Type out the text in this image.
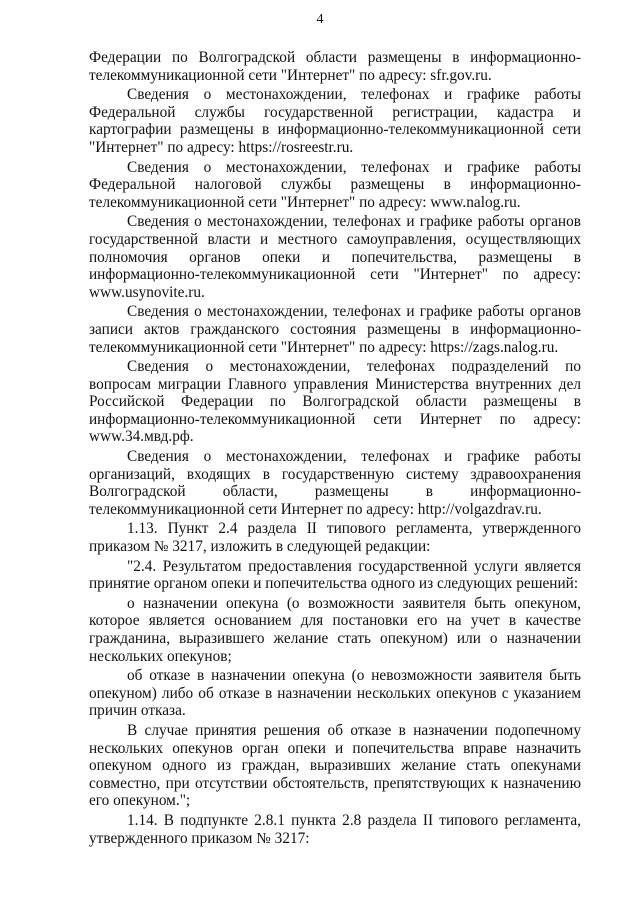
4

Федерации по Волгоградской области размещены в информационно-телекоммуникационной сети "Интернет" по адресу: sfr.gov.ru.

Сведения о местонахождении, телефонах и графике работы Федеральной службы государственной регистрации, кадастра и картографии размещены в информационно-телекоммуникационной сети "Интернет" по адресу: https://rosreestr.ru.

Сведения о местонахождении, телефонах и графике работы Федеральной налоговой службы размещены в информационно-телекоммуникационной сети "Интернет" по адресу: www.nalog.ru.

Сведения о местонахождении, телефонах и графике работы органов государственной власти и местного самоуправления, осуществляющих полномочия органов опеки и попечительства, размещены в информационно-телекоммуникационной сети "Интернет" по адресу: www.usynovite.ru.

Сведения о местонахождении, телефонах и графике работы органов записи актов гражданского состояния размещены в информационно-телекоммуникационной сети "Интернет" по адресу: https://zags.nalog.ru.

Сведения о местонахождении, телефонах подразделений по вопросам миграции Главного управления Министерства внутренних дел Российской Федерации по Волгоградской области размещены в информационно-телекоммуникационной сети Интернет по адресу: www.34.мвд.рф.

Сведения о местонахождении, телефонах и графике работы организаций, входящих в государственную систему здравоохранения Волгоградской области, размещены в информационно-телекоммуникационной сети Интернет по адресу: http://volgazdrav.ru.

1.13. Пункт 2.4 раздела II типового регламента, утвержденного приказом № 3217, изложить в следующей редакции:

"2.4. Результатом предоставления государственной услуги является принятие органом опеки и попечительства одного из следующих решений:

о назначении опекуна (о возможности заявителя быть опекуном, которое является основанием для постановки его на учет в качестве гражданина, выразившего желание стать опекуном) или о назначении нескольких опекунов;

об отказе в назначении опекуна (о невозможности заявителя быть опекуном) либо об отказе в назначении нескольких опекунов с указанием причин отказа.

В случае принятия решения об отказе в назначении подопечному нескольких опекунов орган опеки и попечительства вправе назначить опекуном одного из граждан, выразивших желание стать опекунами совместно, при отсутствии обстоятельств, препятствующих к назначению его опекуном.";

1.14. В подпункте 2.8.1 пункта 2.8 раздела II типового регламента, утвержденного приказом № 3217:
